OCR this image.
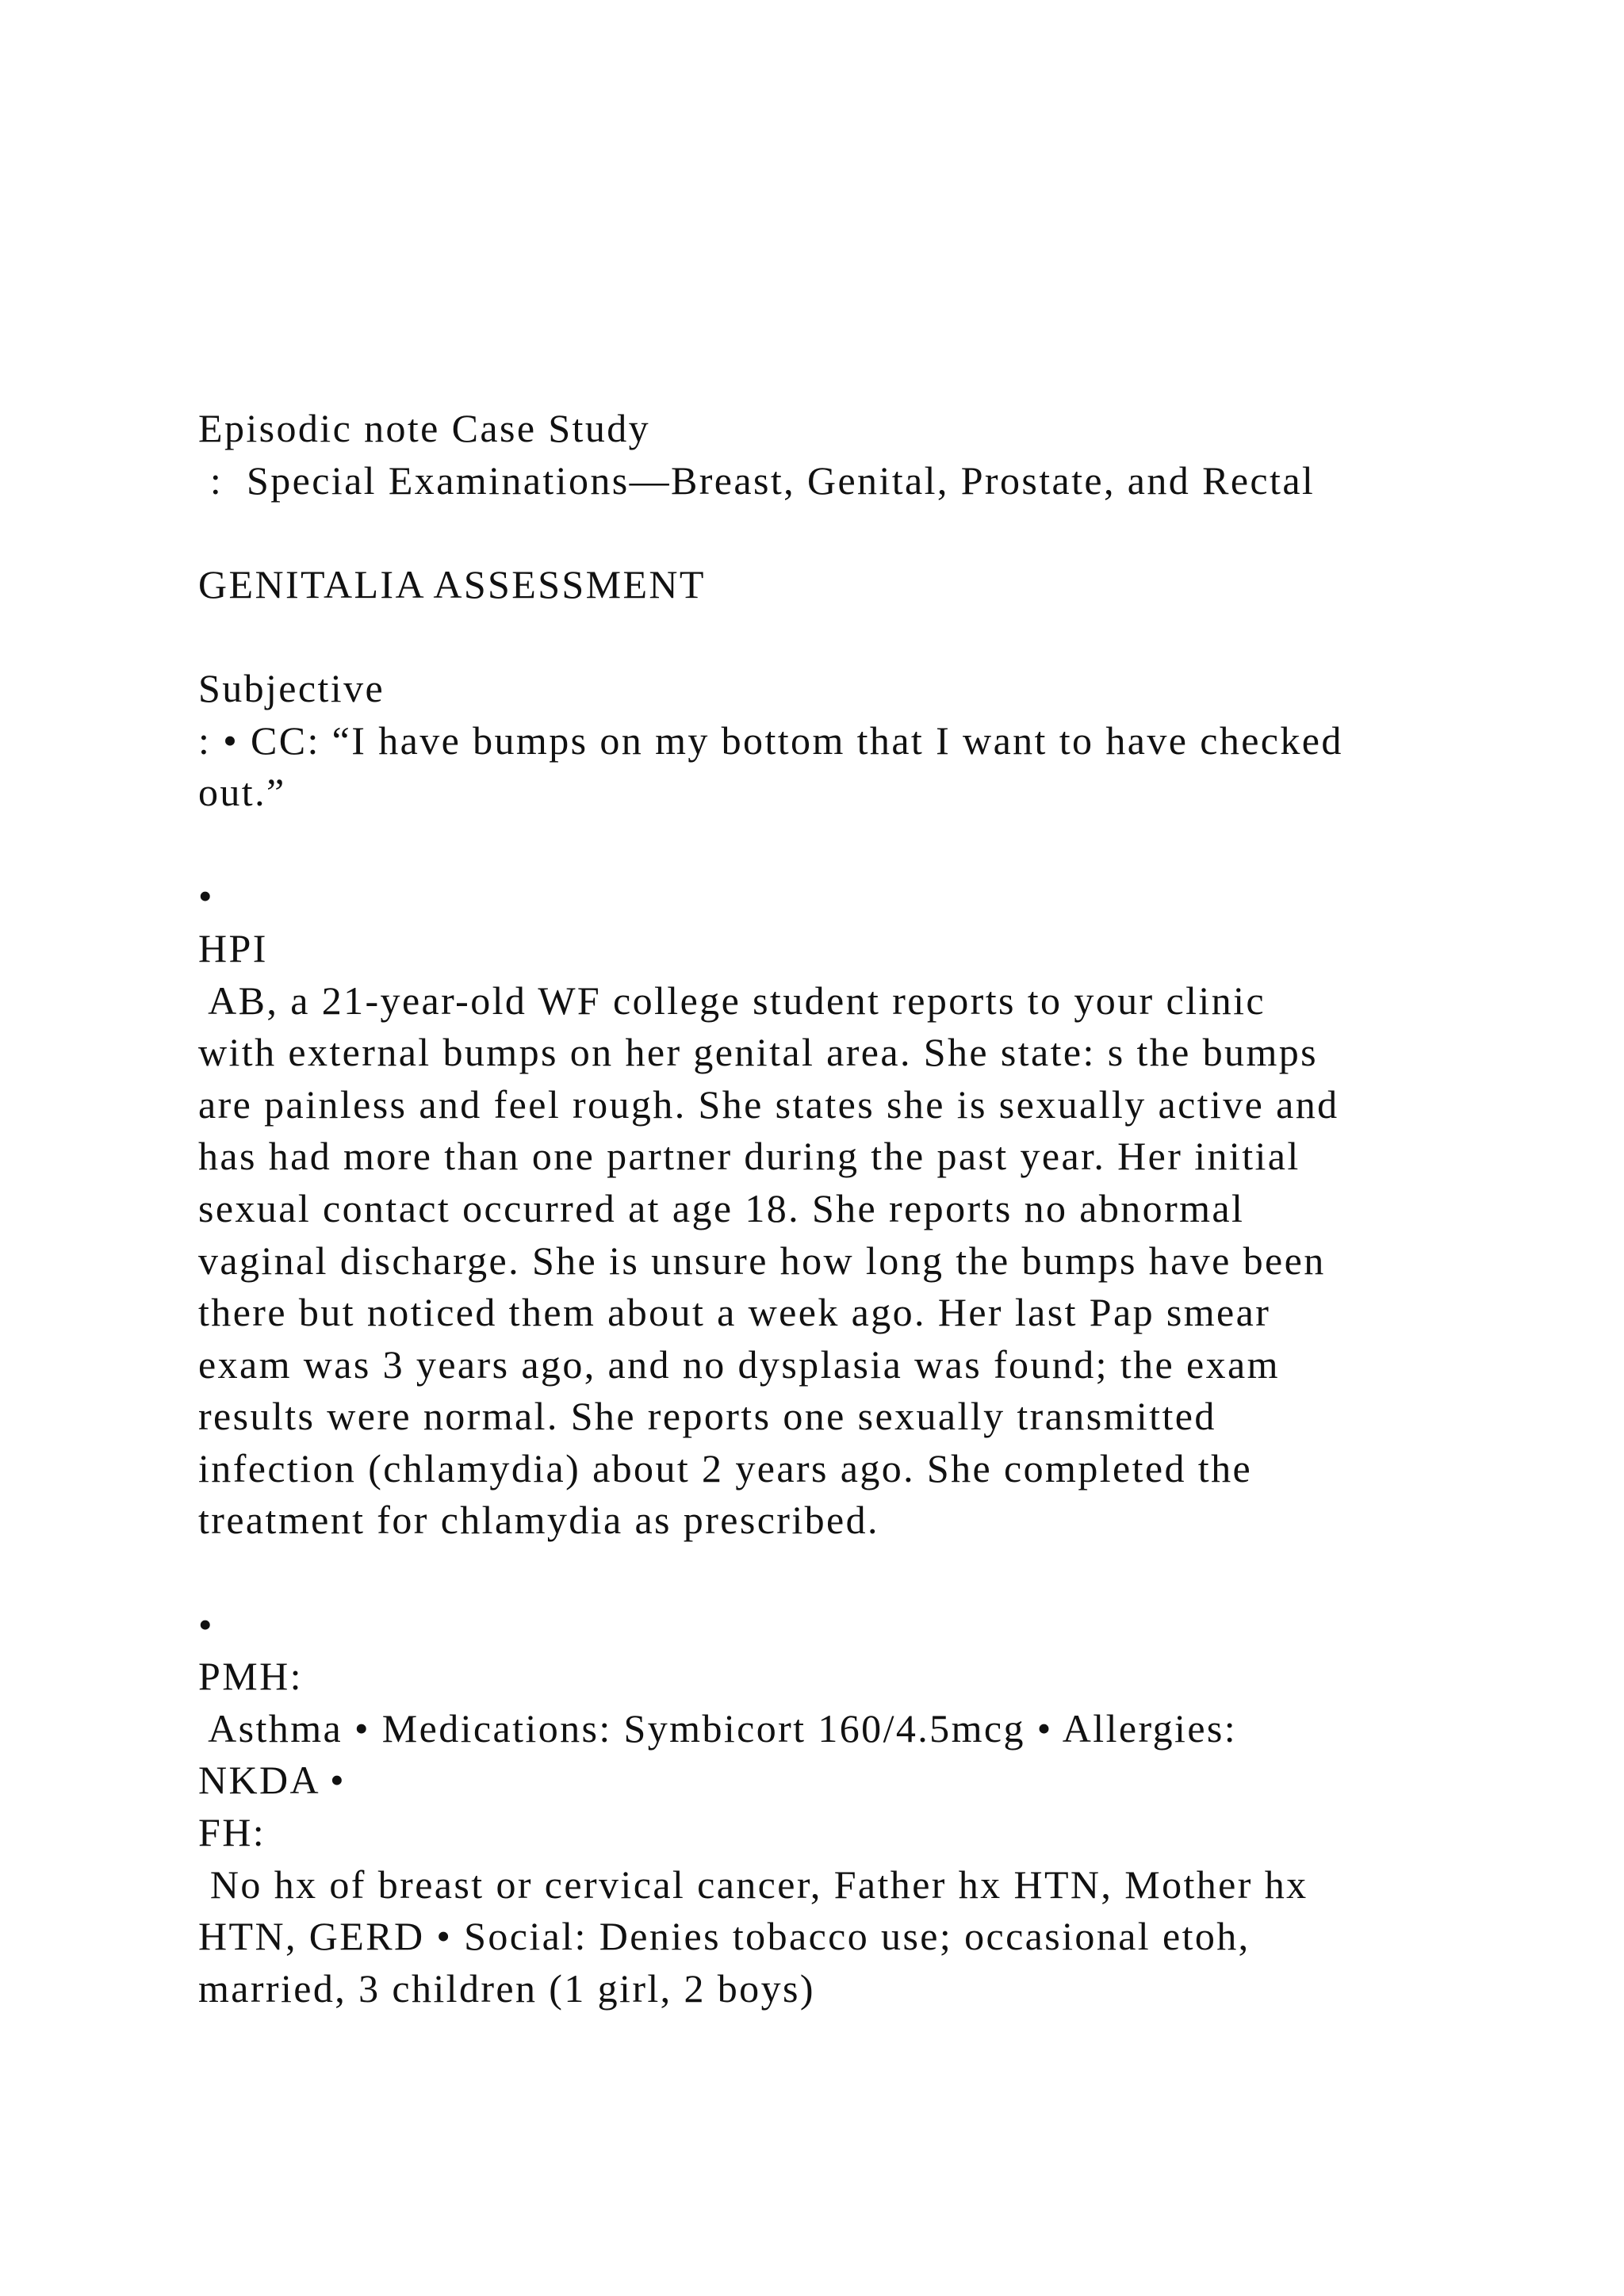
Episodic note Case Study
:  Special Examinations—Breast, Genital, Prostate, and Rectal
GENITALIA ASSESSMENT
Subjective
: • CC: “I have bumps on my bottom that I want to have checked
out.”
•
HPI
AB, a 21-year-old WF college student reports to your clinic
with external bumps on her genital area. She state: s the bumps
are painless and feel rough. She states she is sexually active and
has had more than one partner during the past year. Her initial
sexual contact occurred at age 18. She reports no abnormal
vaginal discharge. She is unsure how long the bumps have been
there but noticed them about a week ago. Her last Pap smear
exam was 3 years ago, and no dysplasia was found; the exam
results were normal. She reports one sexually transmitted
infection (chlamydia) about 2 years ago. She completed the
treatment for chlamydia as prescribed.
•
PMH:
Asthma • Medications: Symbicort 160/4.5mcg • Allergies:
NKDA •
FH:
No hx of breast or cervical cancer, Father hx HTN, Mother hx
HTN, GERD • Social: Denies tobacco use; occasional etoh,
married, 3 children (1 girl, 2 boys)
